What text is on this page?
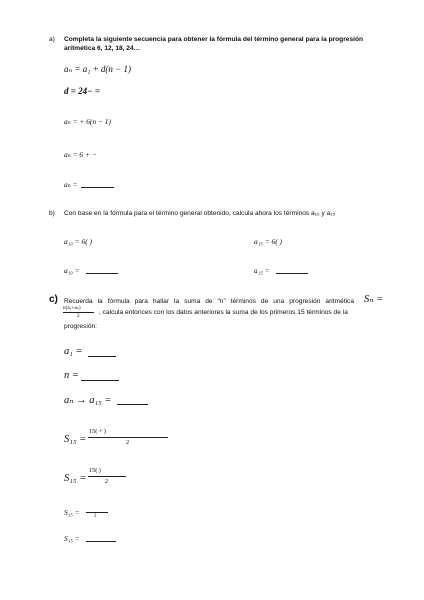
a) Completa la siguiente secuencia para obtener la fórmula del término general para la progresión
aritmética 6, 12, 18, 24…
aₙ = a₁ + d(n − 1)
d = 24− =
aₙ = + 6(n − 1)
aₙ = 6 + −
aₙ =
b) Con base en la fórmula para el término general obtenido, calcula ahora los términos a₁₀ y a₁₅
a₁₀ = 6( )	a₁₅ = 6( )
a₁₀ =	a₁₅ =
c) Recuerda la fórmula para hallar la suma de “n” términos de una progresión aritmética Sₙ =
n(a₁+aₙ)
2	, calcula entonces con los datos anteriores la suma de los primeros 15 términos de la
progresión:
a₁ =
n =
aₙ → a₁₅ =
S₁₅ =
15( + )
2
S₁₅ =
15( )
2
S₁₅ =	2
S₁₅ =
